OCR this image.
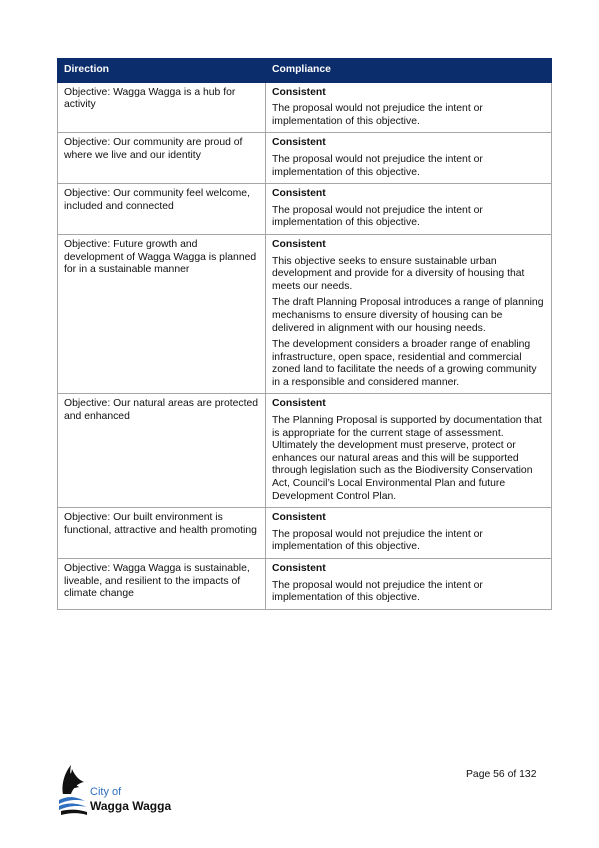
Direction	Compliance
Objective: Wagga Wagga is a hub for activity	Consistent

The proposal would not prejudice the intent or implementation of this objective.

Objective: Our community are proud of where we live and our identity	Consistent

The proposal would not prejudice the intent or implementation of this objective.

Objective: Our community feel welcome, included and connected	Consistent

The proposal would not prejudice the intent or implementation of this objective.

Objective: Future growth and development of Wagga Wagga is planned for in a sustainable manner	Consistent

This objective seeks to ensure sustainable urban development and provide for a diversity of housing that meets our needs.

The draft Planning Proposal introduces a range of planning mechanisms to ensure diversity of housing can be delivered in alignment with our housing needs.

The development considers a broader range of enabling infrastructure, open space, residential and commercial zoned land to facilitate the needs of a growing community in a responsible and considered manner.

Objective: Our natural areas are protected and enhanced	Consistent

The Planning Proposal is supported by documentation that is appropriate for the current stage of assessment. Ultimately the development must preserve, protect or enhances our natural areas and this will be supported through legislation such as the Biodiversity Conservation Act, Council’s Local Environmental Plan and future Development Control Plan.

Objective: Our built environment is functional, attractive and health promoting	Consistent

The proposal would not prejudice the intent or implementation of this objective.

Objective: Wagga Wagga is sustainable, liveable, and resilient to the impacts of climate change	Consistent

The proposal would not prejudice the intent or implementation of this objective.

City of
Wagga Wagga
Page 56 of 132
